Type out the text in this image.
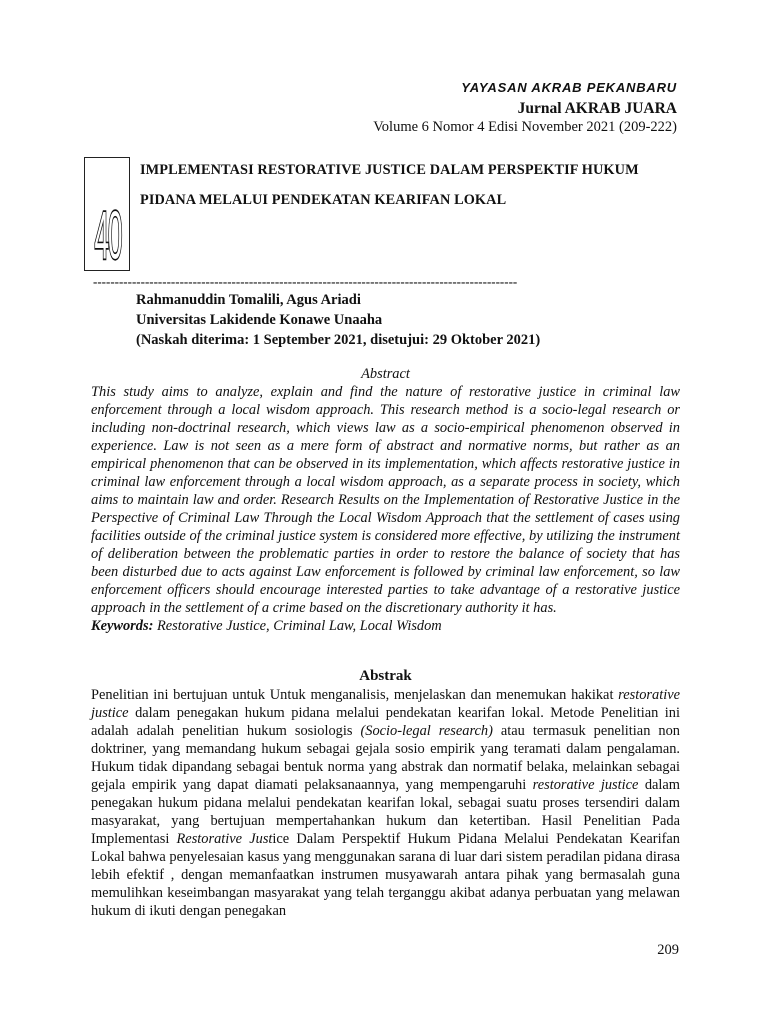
YAYASAN AKRAB PEKANBARU
Jurnal AKRAB JUARA
Volume 6 Nomor 4 Edisi November 2021 (209-222)
40
IMPLEMENTASI RESTORATIVE JUSTICE DALAM PERSPEKTIF HUKUM
PIDANA MELALUI PENDEKATAN KEARIFAN LOKAL
--------------------------------------------------------------------------------------------------
Rahmanuddin Tomalili, Agus Ariadi
Universitas Lakidende Konawe Unaaha
(Naskah diterima: 1 September 2021, disetujui: 29 Oktober 2021)
Abstract

This study aims to analyze, explain and find the nature of restorative justice in criminal law enforcement through a local wisdom approach. This research method is a socio-legal research or including non-doctrinal research, which views law as a socio-empirical phenomenon observed in experience. Law is not seen as a mere form of abstract and normative norms, but rather as an empirical phenomenon that can be observed in its implementation, which affects restorative justice in criminal law enforcement through a local wisdom approach, as a separate process in society, which aims to maintain law and order. Research Results on the Implementation of Restorative Justice in the Perspective of Criminal Law Through the Local Wisdom Approach that the settlement of cases using facilities outside of the criminal justice system is considered more effective, by utilizing the instrument of deliberation between the problematic parties in order to restore the balance of society that has been disturbed due to acts against Law enforcement is followed by criminal law enforcement, so law enforcement officers should encourage interested parties to take advantage of a restorative justice approach in the settlement of a crime based on the discretionary authority it has.

Keywords: Restorative Justice, Criminal Law, Local Wisdom

Abstrak

Penelitian ini bertujuan untuk Untuk menganalisis, menjelaskan dan menemukan hakikat restorative justice dalam penegakan hukum pidana melalui pendekatan kearifan lokal. Metode Penelitian ini adalah adalah penelitian hukum sosiologis (Socio-legal research) atau termasuk penelitian non doktriner, yang memandang hukum sebagai gejala sosio empirik yang teramati dalam pengalaman. Hukum tidak dipandang sebagai bentuk norma yang abstrak dan normatif belaka, melainkan sebagai gejala empirik yang dapat diamati pelaksanaannya, yang mempengaruhi restorative justice dalam penegakan hukum pidana melalui pendekatan kearifan lokal, sebagai suatu proses tersendiri dalam masyarakat, yang bertujuan mempertahankan hukum dan ketertiban. Hasil Penelitian Pada Implementasi Restorative Justice Dalam Perspektif Hukum Pidana Melalui Pendekatan Kearifan Lokal bahwa penyelesaian kasus yang menggunakan sarana di luar dari sistem peradilan pidana dirasa lebih efektif , dengan memanfaatkan instrumen musyawarah antara pihak yang bermasalah guna memulihkan keseimbangan masyarakat yang telah terganggu akibat adanya perbuatan yang melawan hukum di ikuti dengan penegakan

209
